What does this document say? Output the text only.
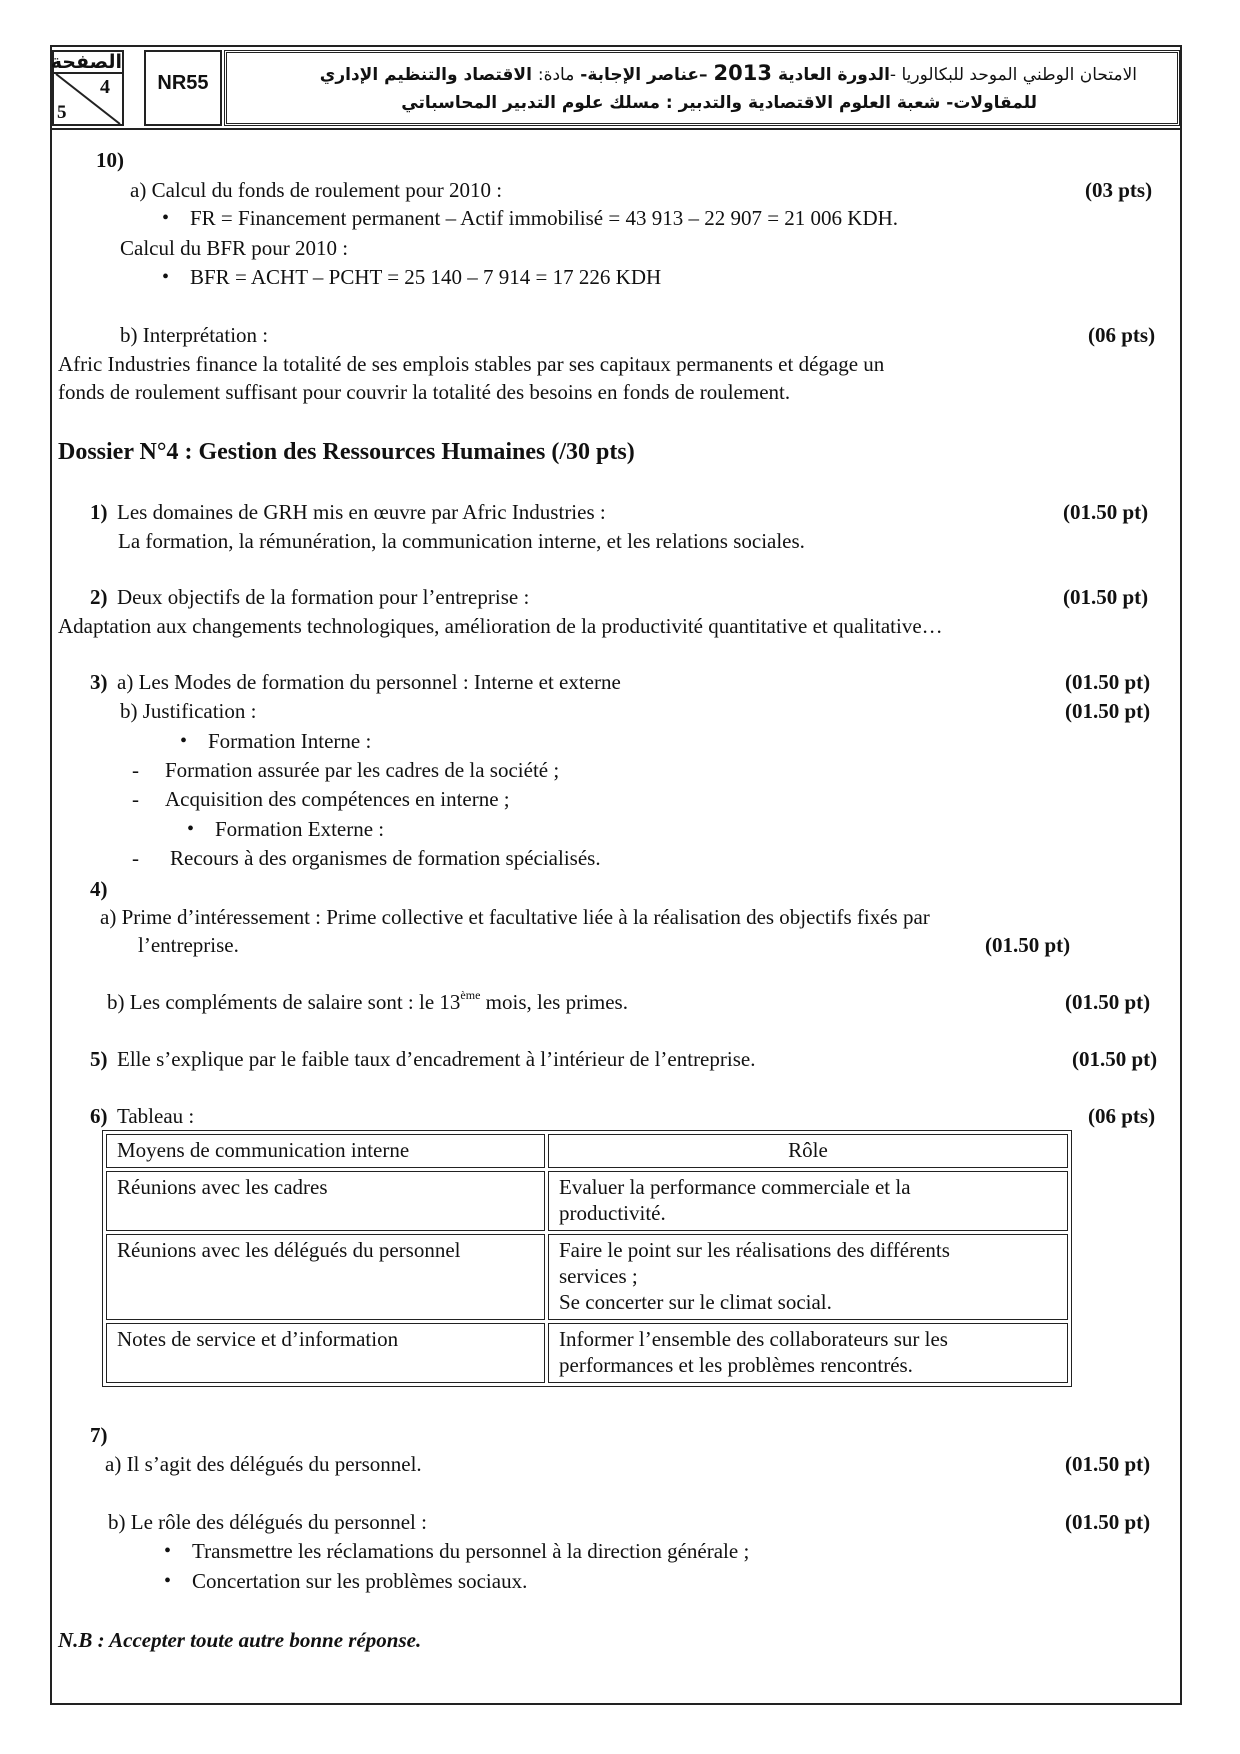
الصفحة
4
5
NR55	الامتحان الوطني الموحد للبكالوريا -الدورة العادية2013–عناصر الإجابة- مادة: الاقتصاد والتنظيم الإداري
للمقاولات- شعبة العلوم الاقتصادية والتدبير : مسلك علوم التدبير المحاسباتي
10)
a) Calcul du fonds de roulement pour 2010 :	(03 pts)
• FR = Financement permanent – Actif immobilisé = 43 913 – 22 907 = 21 006 KDH.
Calcul du BFR pour 2010 :
• BFR = ACHT – PCHT = 25 140 – 7 914 = 17 226 KDH
b) Interprétation :	(06 pts)
Afric Industries finance la totalité de ses emplois stables par ses capitaux permanents et dégage un
fonds de roulement suffisant pour couvrir la totalité des besoins en fonds de roulement.
Dossier N°4 : Gestion des Ressources Humaines (/30 pts)
1) Les domaines de GRH mis en œuvre par Afric Industries :	(01.50 pt)
La formation, la rémunération, la communication interne, et les relations sociales.
2) Deux objectifs de la formation pour l’entreprise :	(01.50 pt)
Adaptation aux changements technologiques, amélioration de la productivité quantitative et qualitative…
3) a) Les Modes de formation du personnel : Interne et externe	(01.50 pt)
b) Justification :	(01.50 pt)
• Formation Interne :
- Formation assurée par les cadres de la société ;
- Acquisition des compétences en interne ;
• Formation Externe :
- Recours à des organismes de formation spécialisés.
4)
a) Prime d’intéressement : Prime collective et facultative liée à la réalisation des objectifs fixés par
l’entreprise.	(01.50 pt)
b) Les compléments de salaire sont : le 13ème mois, les primes.	(01.50 pt)
5) Elle s’explique par le faible taux d’encadrement à l’intérieur de l’entreprise.	(01.50 pt)
6) Tableau :	(06 pts)
Moyens de communication interne	Rôle
Réunions avec les cadres	Evaluer la performance commerciale et la
productivité.

Réunions avec les délégués du personnel	Faire le point sur les réalisations des différents
services ;
Se concerter sur le climat social.

Notes de service et d’information	Informer l’ensemble des collaborateurs sur les
performances et les problèmes rencontrés.
7)
a) Il s’agit des délégués du personnel.	(01.50 pt)
b) Le rôle des délégués du personnel :	(01.50 pt)
• Transmettre les réclamations du personnel à la direction générale ;
• Concertation sur les problèmes sociaux.
N.B : Accepter toute autre bonne réponse.
